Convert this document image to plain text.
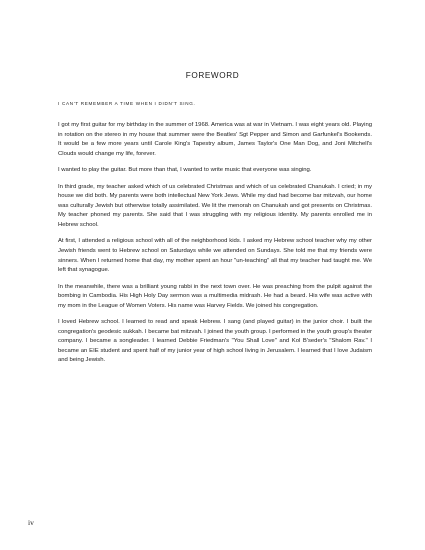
FOREWORD
I CAN'T REMEMBER A TIME WHEN I DIDN'T SING.

I got my first guitar for my birthday in the summer of 1968. America was at war in Vietnam. I was eight years old. Playing in rotation on the stereo in my house that summer were the Beatles' Sgt Pepper and Simon and Garfunkel's Bookends. It would be a few more years until Carole King's Tapestry album, James Taylor's One Man Dog, and Joni Mitchell's Clouds would change my life, forever.

I wanted to play the guitar. But more than that, I wanted to write music that everyone was singing.

In third grade, my teacher asked which of us celebrated Christmas and which of us celebrated Chanukah. I cried; in my house we did both. My parents were both intellectual New York Jews. While my dad had become bar mitzvah, our home was culturally Jewish but otherwise totally assimilated. We lit the menorah on Chanukah and got presents on Christmas. My teacher phoned my parents. She said that I was struggling with my religious identity. My parents enrolled me in Hebrew school.

At first, I attended a religious school with all of the neighborhood kids. I asked my Hebrew school teacher why my other Jewish friends went to Hebrew school on Saturdays while we attended on Sundays. She told me that my friends were sinners. When I returned home that day, my mother spent an hour "un-teaching" all that my teacher had taught me. We left that synagogue.

In the meanwhile, there was a brilliant young rabbi in the next town over. He was preaching from the pulpit against the bombing in Cambodia. His High Holy Day sermon was a multimedia midrash. He had a beard. His wife was active with my mom in the League of Women Voters. His name was Harvey Fields. We joined his congregation.

I loved Hebrew school. I learned to read and speak Hebrew. I sang (and played guitar) in the junior choir. I built the congregation's geodesic sukkah. I became bat mitzvah. I joined the youth group. I performed in the youth group's theater company. I became a songleader. I learned Debbie Friedman's "You Shall Love" and Kol B'seder's "Shalom Rav." I became an EIE student and spent half of my junior year of high school living in Jerusalem. I learned that I love Judaism and being Jewish.

iv
